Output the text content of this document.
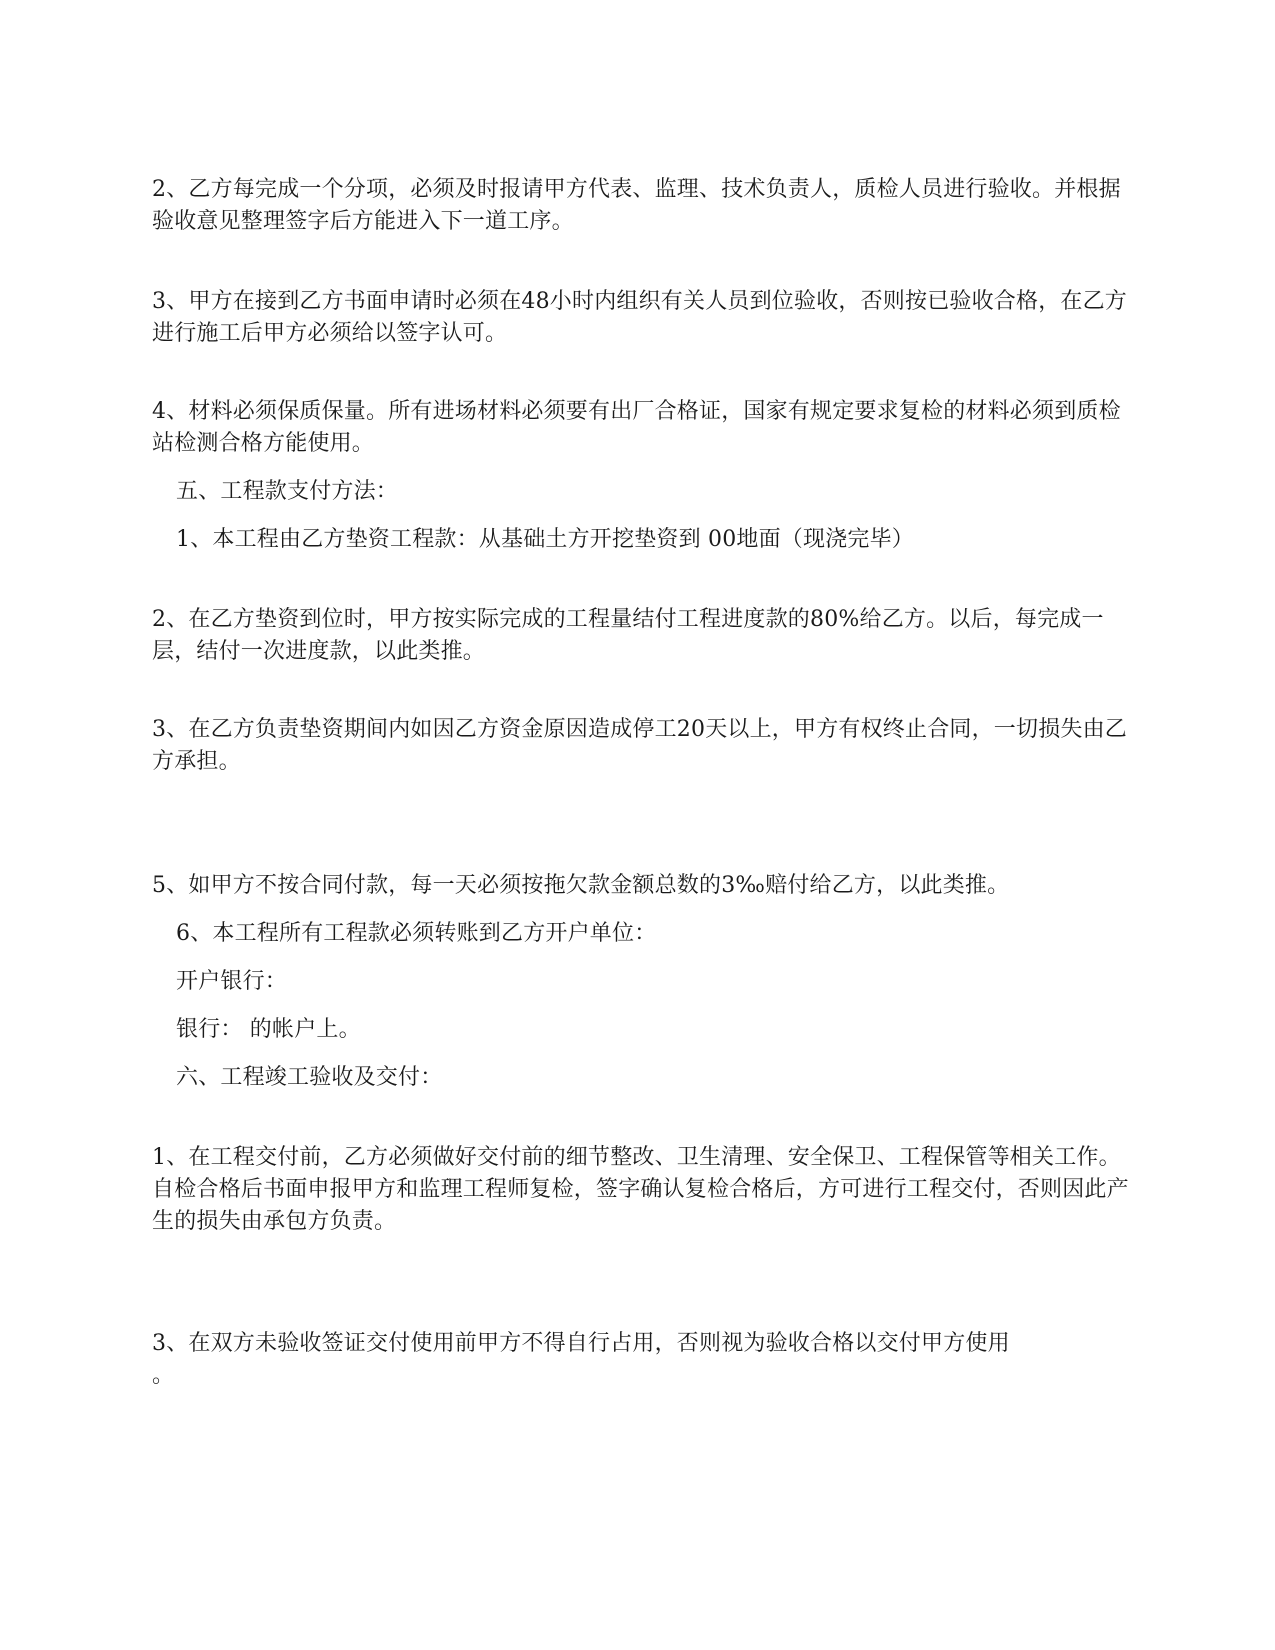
2、乙方每完成一个分项，必须及时报请甲方代表、监理、技术负责人，质检人员进行验收。并根据验收意见整理签字后方能进入下一道工序。

3、甲方在接到乙方书面申请时必须在48小时内组织有关人员到位验收，否则按已验收合格，在乙方进行施工后甲方必须给以签字认可。

4、材料必须保质保量。所有进场材料必须要有出厂合格证，国家有规定要求复检的材料必须到质检站检测合格方能使用。

五、工程款支付方法：

1、本工程由乙方垫资工程款：从基础土方开挖垫资到 00地面（现浇完毕）

2、在乙方垫资到位时，甲方按实际完成的工程量结付工程进度款的80%给乙方。以后，每完成一层，结付一次进度款，以此类推。

3、在乙方负责垫资期间内如因乙方资金原因造成停工20天以上，甲方有权终止合同，一切损失由乙方承担。

5、如甲方不按合同付款，每一天必须按拖欠款金额总数的3‰赔付给乙方，以此类推。

6、本工程所有工程款必须转账到乙方开户单位：

开户银行：

银行： 的帐户上。

六、工程竣工验收及交付：

1、在工程交付前，乙方必须做好交付前的细节整改、卫生清理、安全保卫、工程保管等相关工作。自检合格后书面申报甲方和监理工程师复检，签字确认复检合格后，方可进行工程交付，否则因此产生的损失由承包方负责。

3、在双方未验收签证交付使用前甲方不得自行占用，否则视为验收合格以交付甲方使用

。
